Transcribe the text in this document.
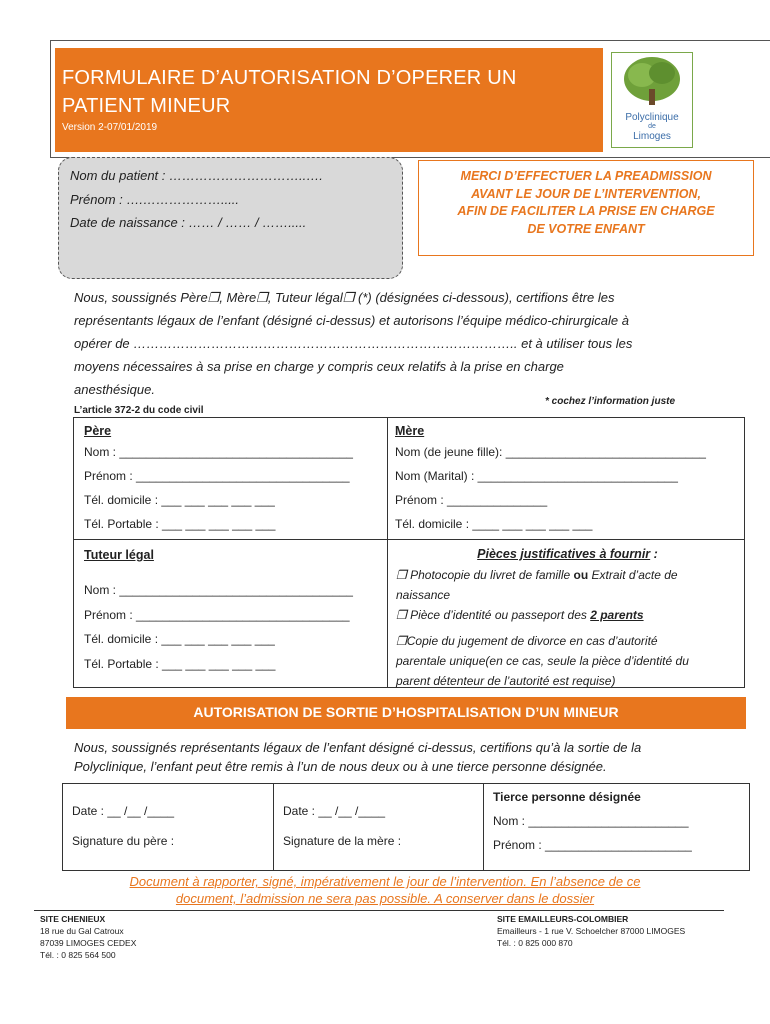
FORMULAIRE D’AUTORISATION D’OPERER UN PATIENT MINEUR
Version 2-07/01/2019
Polyclinique
de
Limoges
Nom du patient : …………………………..….
Prénom : ….……………….....
Date de naissance : …… / …… / …….....
MERCI D’EFFECTUER LA PREADMISSION
AVANT LE JOUR DE L’INTERVENTION,
AFIN DE FACILITER LA PRISE EN CHARGE
DE VOTRE ENFANT
Nous, soussignés Père❒, Mère❒, Tuteur légal❒ (*) (désignées ci-dessous), certifions être les
représentants légaux de l’enfant (désigné ci-dessus) et autorisons l’équipe médico-chirurgicale à
opérer de …………………………………………………………………………….. et à utiliser tous les
moyens nécessaires à sa prise en charge y compris ceux relatifs à la prise en charge
anesthésique.
* cochez l’information juste
L’article 372-2 du code civil
Père
Nom : ___________________________________
Prénom : ________________________________
Tél. domicile : ___ ___ ___ ___ ___
Tél. Portable : ___ ___ ___ ___ ___
Mère
Nom (de jeune fille): ______________________________
Nom (Marital) : ______________________________
Prénom : _______________
Tél. domicile : ____ ___ ___ ___ ___
Tuteur légal
Nom : ___________________________________
Prénom : ________________________________
Tél. domicile : ___ ___ ___ ___ ___
Tél. Portable : ___ ___ ___ ___ ___
Pièces justificatives à fournir :
❒ Photocopie du livret de famille ou Extrait d’acte de
naissance
❒ Pièce d’identité ou passeport des 2 parents
❒Copie du jugement de divorce en cas d’autorité
parentale unique(en ce cas, seule la pièce d’identité du
parent détenteur de l’autorité est requise)
AUTORISATION DE SORTIE D’HOSPITALISATION D’UN MINEUR
Nous, soussignés représentants légaux de l’enfant désigné ci-dessus, certifions qu’à la sortie de la
Polyclinique, l’enfant peut être remis à l’un de nous deux ou à une tierce personne désignée.
Date : __ /__ /____
Signature du père :
Date : __ /__ /____
Signature de la mère :
Tierce personne désignée
Nom : ________________________
Prénom : ______________________
Document à rapporter, signé, impérativement le jour de l’intervention. En l’absence de ce
document, l’admission ne sera pas possible. A conserver dans le dossier
SITE CHENIEUX
18 rue du Gal Catroux
87039 LIMOGES CEDEX
Tél. : 0 825 564 500
SITE EMAILLEURS-COLOMBIER
Emailleurs - 1 rue V. Schoelcher 87000 LIMOGES
Tél. : 0 825 000 870
